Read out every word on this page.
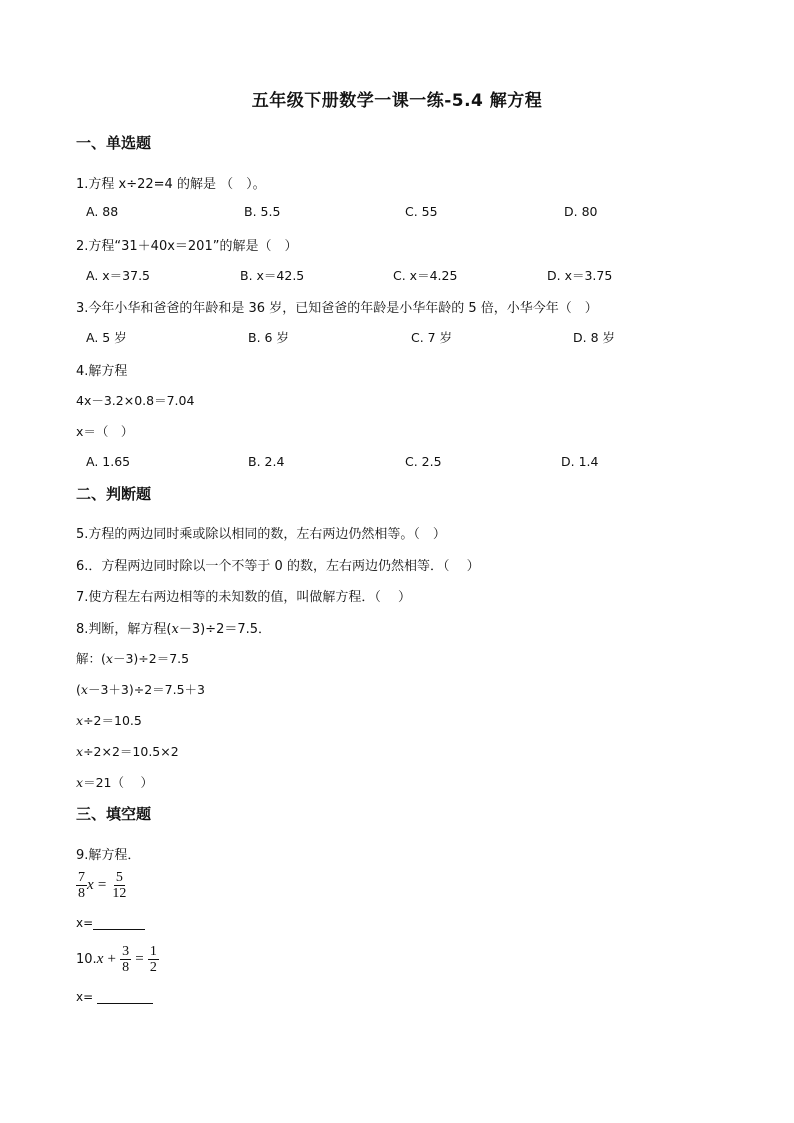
五年级下册数学一课一练-5.4 解方程
一、单选题
1.方程 x÷22=4 的解是 （　）。
A. 88	B. 5.5	C. 55	D. 80
2.方程“31＋40x＝201”的解是（　）
A. x＝37.5	B. x＝42.5	C. x＝4.25	D. x＝3.75
3.今年小华和爸爸的年龄和是 36 岁，已知爸爸的年龄是小华年龄的 5 倍，小华今年（　）
A. 5 岁	B. 6 岁	C. 7 岁	D. 8 岁
4.解方程
4x－3.2×0.8＝7.04
x＝（　）
A. 1.65	B. 2.4	C. 2.5	D. 1.4
二、判断题
5.方程的两边同时乘或除以相同的数，左右两边仍然相等。（　）
6.．方程两边同时除以一个不等于 0 的数，左右两边仍然相等．（　 ）
7.使方程左右两边相等的未知数的值，叫做解方程．（　 ）
8.判断，解方程(x－3)÷2＝7.5．
解：(x－3)÷2＝7.5
(x－3＋3)÷2＝7.5＋3
x÷2＝10.5
x÷2×2＝10.5×2
x＝21（　 ）
三、填空题
9.解方程．
$\frac{7}{8}$ $x = \frac{5}{12}$
x=
$10.x + \frac{3}{8} = \frac{1}{2}$
x=
